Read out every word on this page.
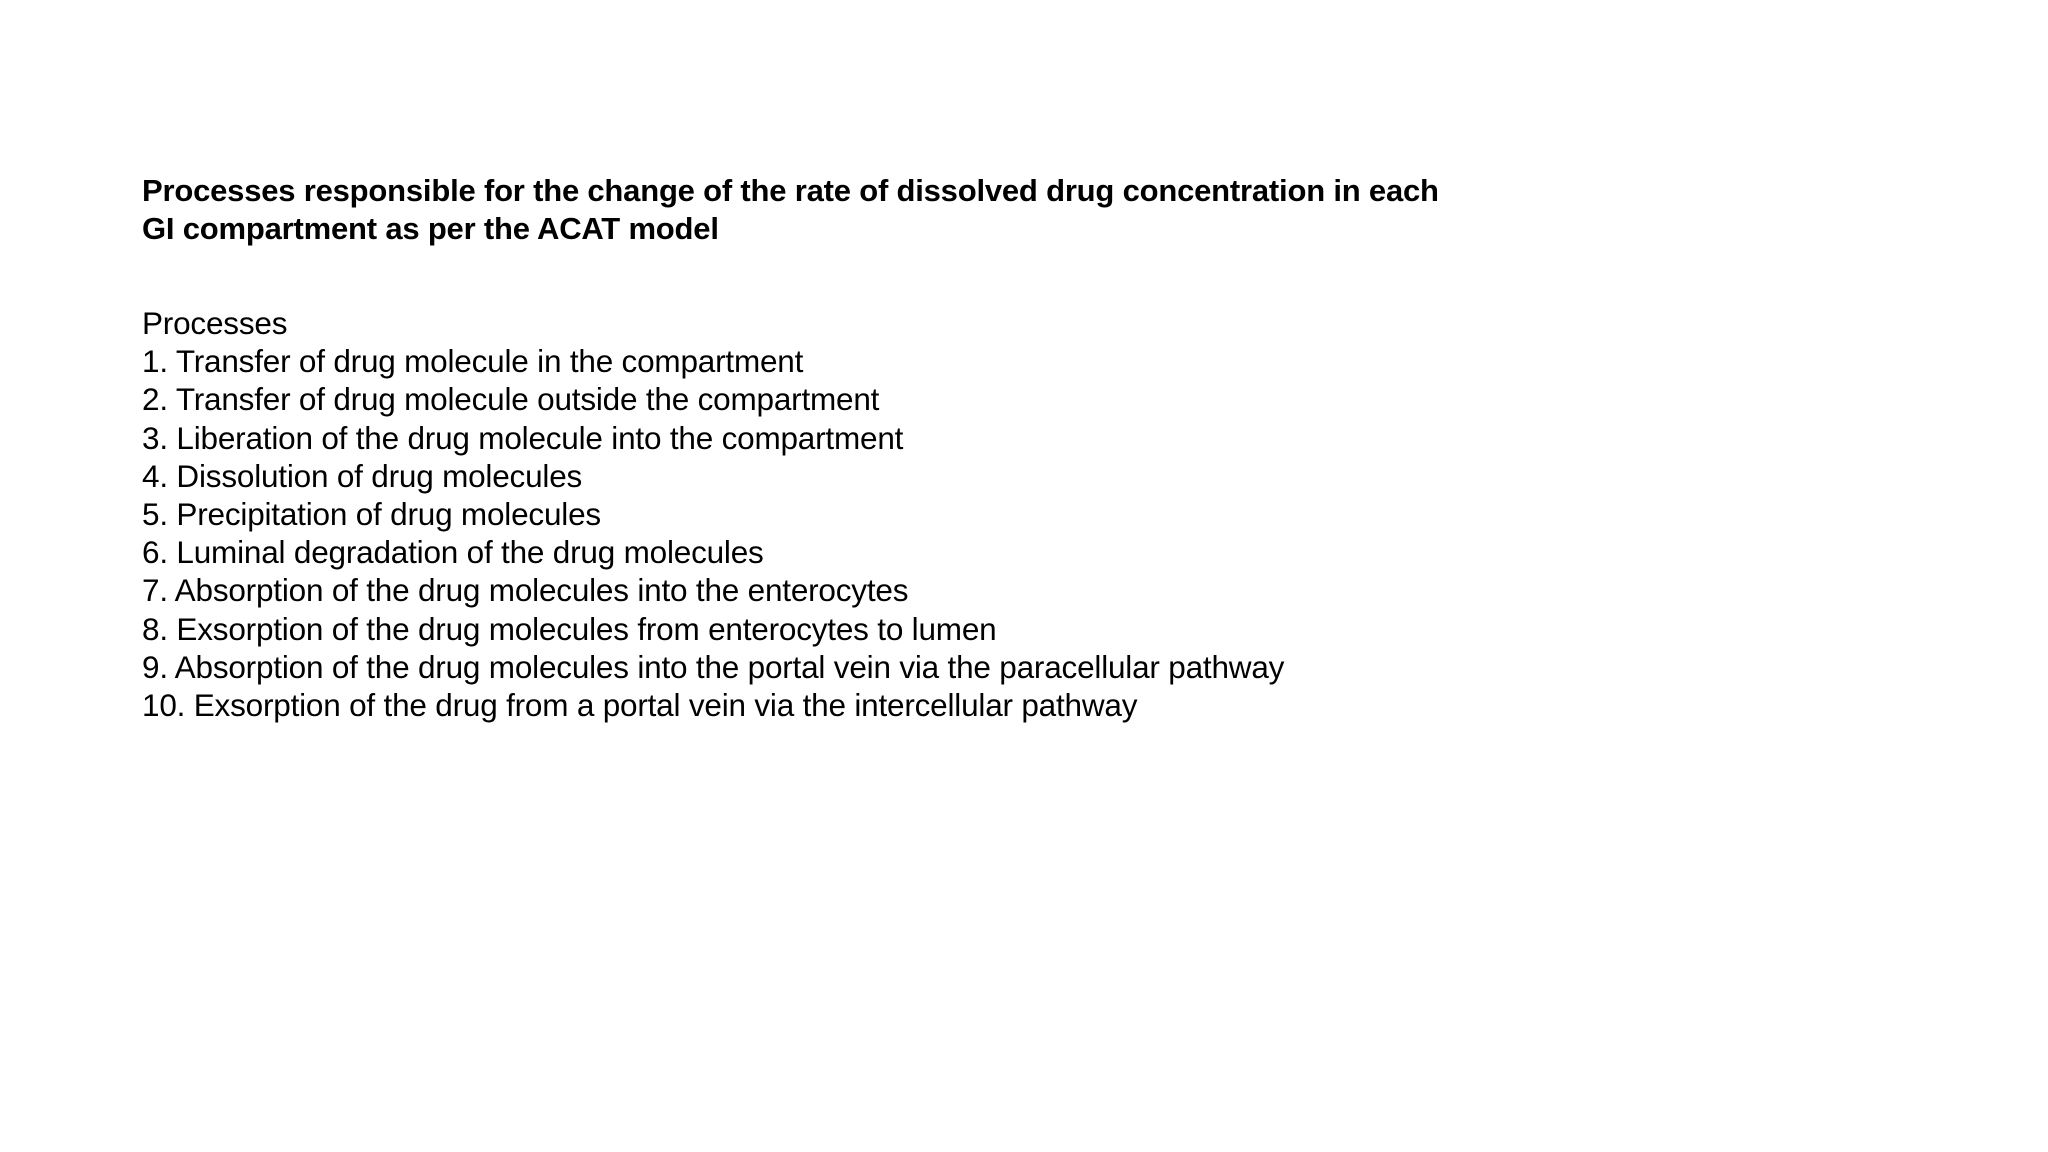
Processes responsible for the change of the rate of dissolved drug concentration in each
GI compartment as per the ACAT model
Processes
1. Transfer of drug molecule in the compartment
2. Transfer of drug molecule outside the compartment
3. Liberation of the drug molecule into the compartment
4. Dissolution of drug molecules
5. Precipitation of drug molecules
6. Luminal degradation of the drug molecules
7. Absorption of the drug molecules into the enterocytes
8. Exsorption of the drug molecules from enterocytes to lumen
9. Absorption of the drug molecules into the portal vein via the paracellular pathway
10. Exsorption of the drug from a portal vein via the intercellular pathway
